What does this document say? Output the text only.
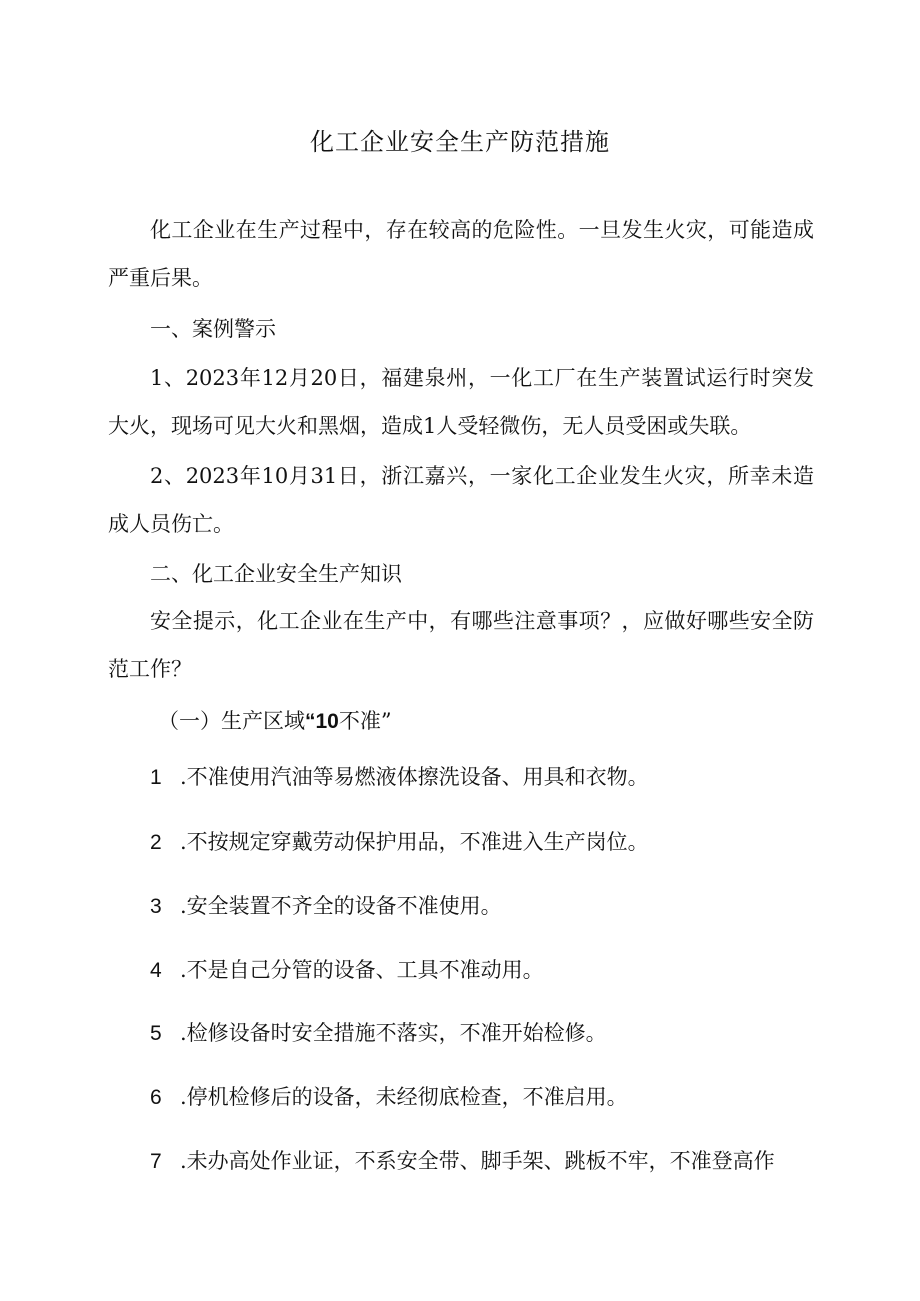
化工企业安全生产防范措施

化工企业在生产过程中，存在较高的危险性。一旦发生火灾，可能造成严重后果。

一、案例警示

1、2023年12月20日，福建泉州，一化工厂在生产装置试运行时突发大火，现场可见大火和黑烟，造成1人受轻微伤，无人员受困或失联。

2、2023年10月31日，浙江嘉兴，一家化工企业发生火灾，所幸未造成人员伤亡。

二、化工企业安全生产知识

安全提示，化工企业在生产中，有哪些注意事项？，应做好哪些安全防范工作？

（一）生产区域“10不准”
1 .不准使用汽油等易燃液体擦洗设备、用具和衣物。
2 .不按规定穿戴劳动保护用品，不准进入生产岗位。
3 .安全装置不齐全的设备不准使用。
4 .不是自己分管的设备、工具不准动用。
5 .检修设备时安全措施不落实，不准开始检修。
6 .停机检修后的设备，未经彻底检查，不准启用。
7 .未办高处作业证，不系安全带、脚手架、跳板不牢，不准登高作
